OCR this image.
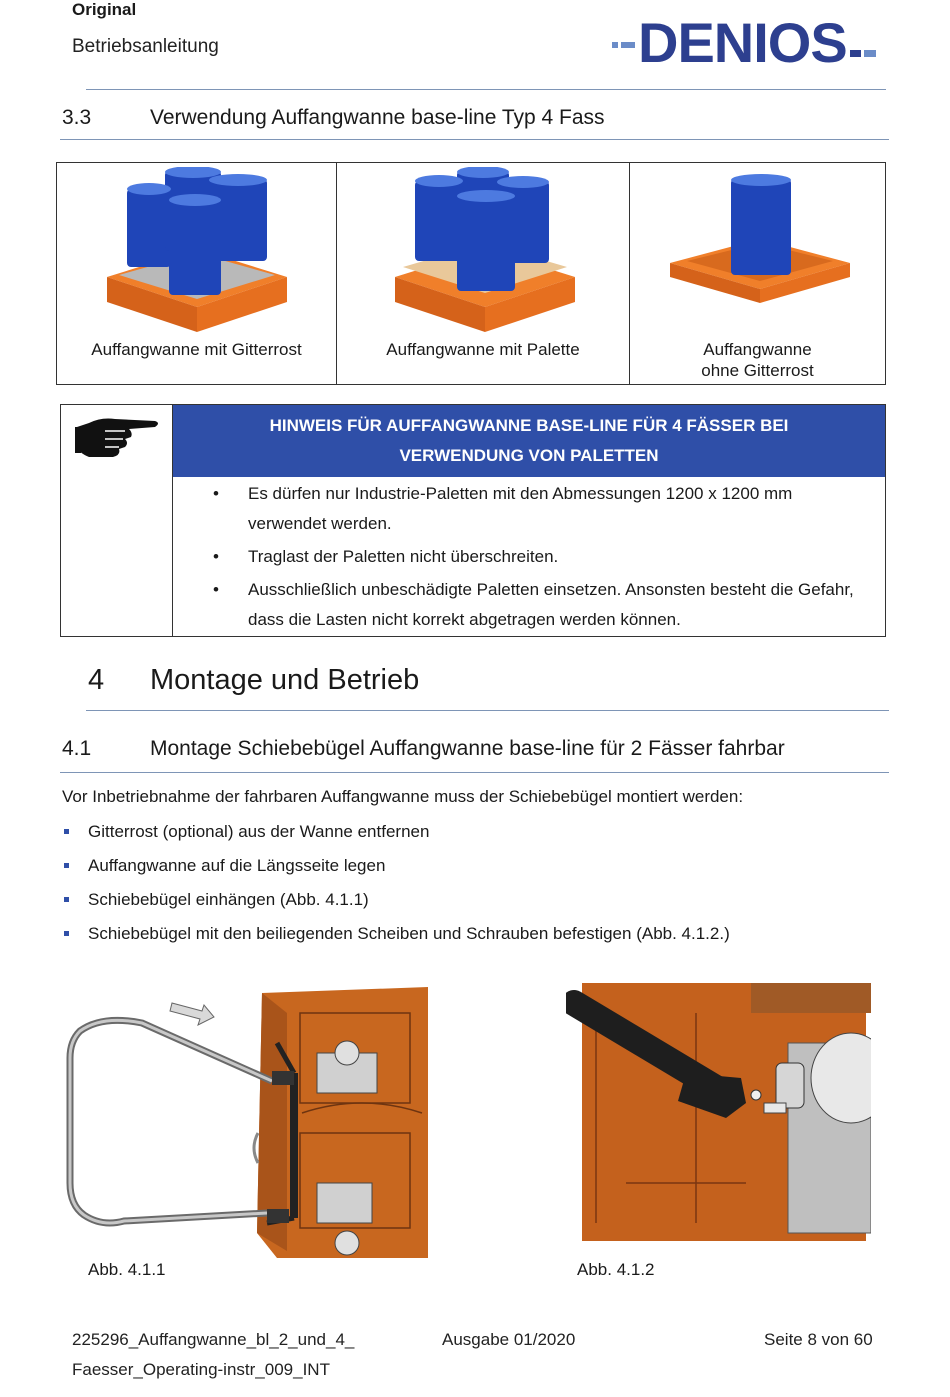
Original
Betriebsanleitung	DENIOS
3.3	Verwendung Auffangwanne base-line Typ 4 Fass
Auffangwanne mit Gitterrost	Auffangwanne mit Palette	Auffangwanne
ohne Gitterrost
HINWEIS FÜR AUFFANGWANNE BASE-LINE FÜR 4 FÄSSER BEI
VERWENDUNG VON PALETTEN
• Es dürfen nur Industrie-Paletten mit den Abmessungen 1200 x 1200 mm verwendet werden.
• Traglast der Paletten nicht überschreiten.
• Ausschließlich unbeschädigte Paletten einsetzen. Ansonsten besteht die Gefahr, dass die Lasten nicht korrekt abgetragen werden können.
4 Montage und Betrieb
4.1	Montage Schiebebügel Auffangwanne base-line für 2 Fässer fahrbar
Vor Inbetriebnahme der fahrbaren Auffangwanne muss der Schiebebügel montiert werden:
Gitterrost (optional) aus der Wanne entfernen
Auffangwanne auf die Längsseite legen
Schiebebügel einhängen (Abb. 4.1.1)
Schiebebügel mit den beiliegenden Scheiben und Schrauben befestigen (Abb. 4.1.2.)
Abb. 4.1.1	Abb. 4.1.2
225296_Auffangwanne_bl_2_und_4_
Faesser_Operating-instr_009_INT
Ausgabe 01/2020	Seite 8 von 60
